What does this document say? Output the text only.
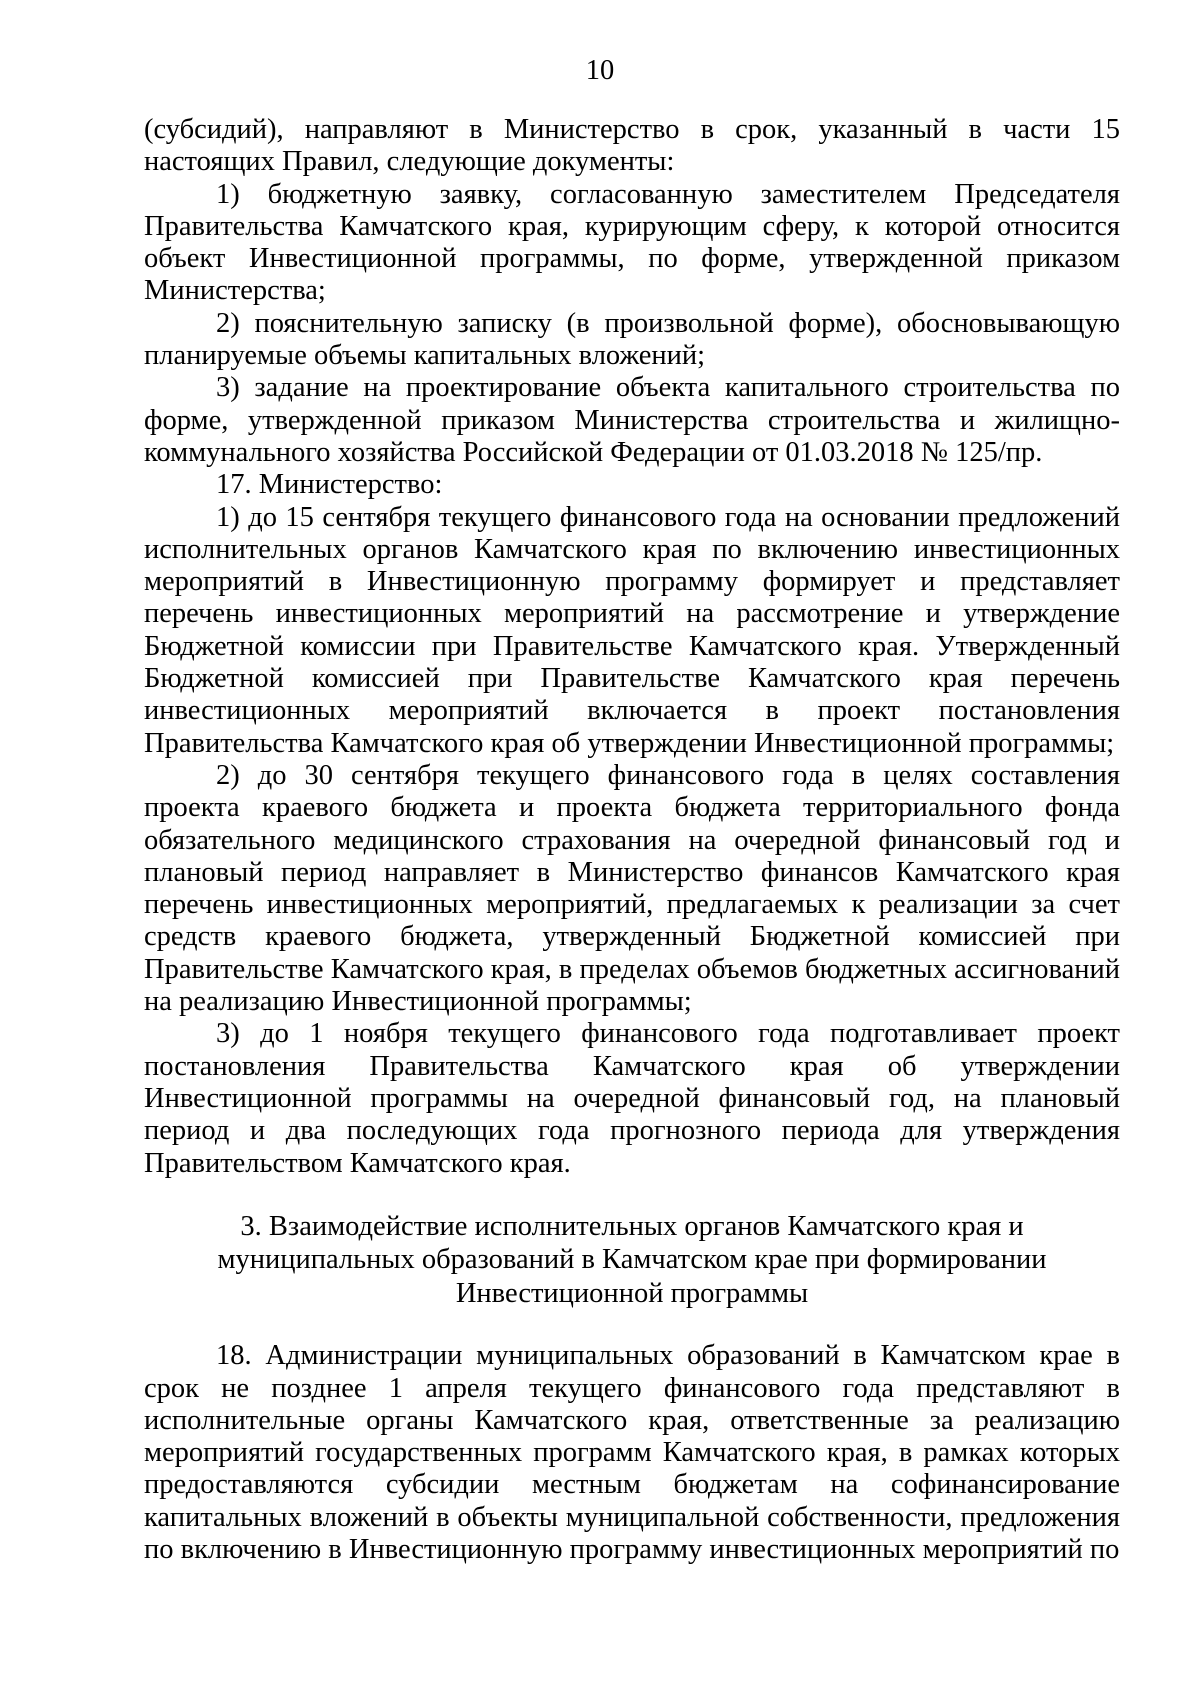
10

(субсидий), направляют в Министерство в срок, указанный в части 15 настоящих Правил, следующие документы:

1) бюджетную заявку, согласованную заместителем Председателя Правительства Камчатского края, курирующим сферу, к которой относится объект Инвестиционной программы, по форме, утвержденной приказом Министерства;

2) пояснительную записку (в произвольной форме), обосновывающую планируемые объемы капитальных вложений;

3) задание на проектирование объекта капитального строительства по форме, утвержденной приказом Министерства строительства и жилищно-коммунального хозяйства Российской Федерации от 01.03.2018 № 125/пр.

17. Министерство:

1) до 15 сентября текущего финансового года на основании предложений исполнительных органов Камчатского края по включению инвестиционных мероприятий в Инвестиционную программу формирует и представляет перечень инвестиционных мероприятий на рассмотрение и утверждение Бюджетной комиссии при Правительстве Камчатского края. Утвержденный Бюджетной комиссией при Правительстве Камчатского края перечень инвестиционных мероприятий включается в проект постановления Правительства Камчатского края об утверждении Инвестиционной программы;

2) до 30 сентября текущего финансового года в целях составления проекта краевого бюджета и проекта бюджета территориального фонда обязательного медицинского страхования на очередной финансовый год и плановый период направляет в Министерство финансов Камчатского края перечень инвестиционных мероприятий, предлагаемых к реализации за счет средств краевого бюджета, утвержденный Бюджетной комиссией при Правительстве Камчатского края, в пределах объемов бюджетных ассигнований на реализацию Инвестиционной программы;

3) до 1 ноября текущего финансового года подготавливает проект постановления Правительства Камчатского края об утверждении Инвестиционной программы на очередной финансовый год, на плановый период и два последующих года прогнозного периода для утверждения Правительством Камчатского края.

3. Взаимодействие исполнительных органов Камчатского края и
муниципальных образований в Камчатском крае при формировании
Инвестиционной программы

18. Администрации муниципальных образований в Камчатском крае в срок не позднее 1 апреля текущего финансового года представляют в исполнительные органы Камчатского края, ответственные за реализацию мероприятий государственных программ Камчатского края, в рамках которых предоставляются субсидии местным бюджетам на софинансирование капитальных вложений в объекты муниципальной собственности, предложения по включению в Инвестиционную программу инвестиционных мероприятий по
